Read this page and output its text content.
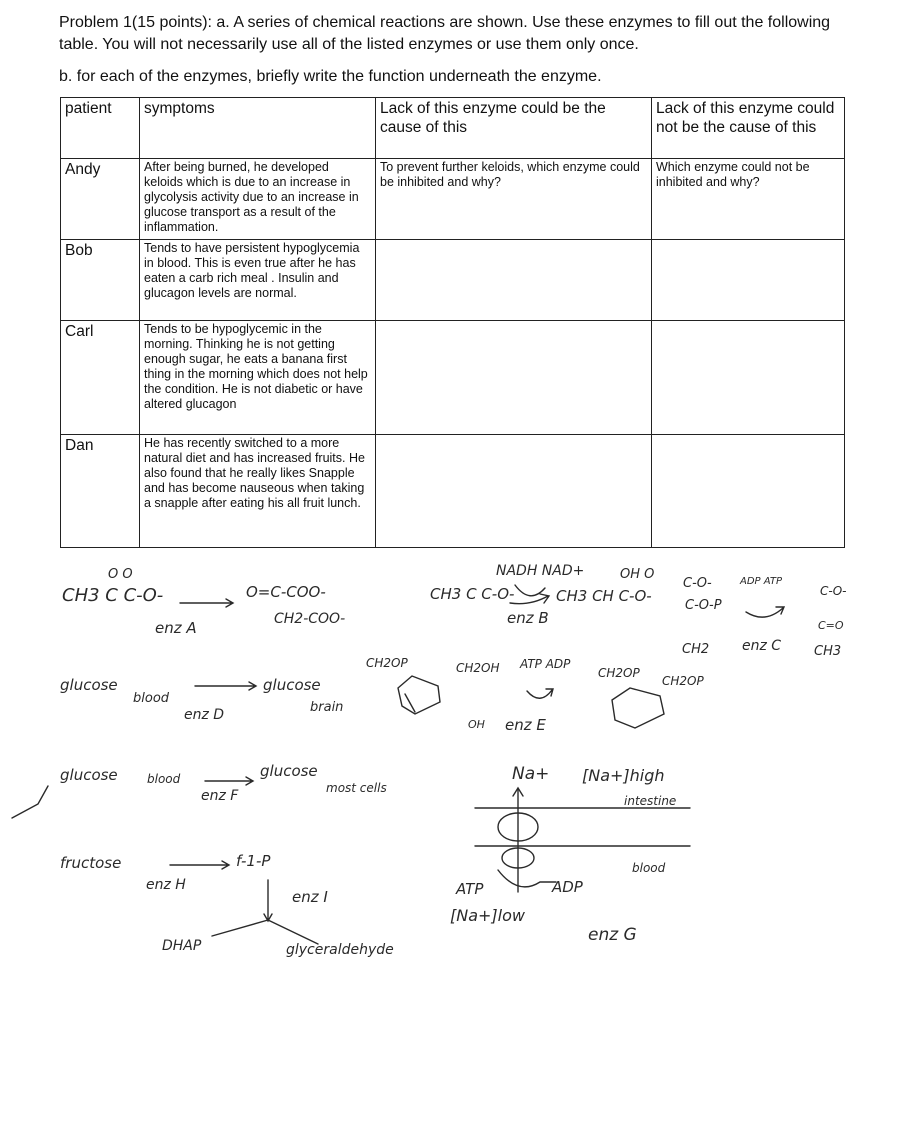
Problem 1(15 points): a. A series of chemical reactions are shown. Use these enzymes to fill out the following table. You will not necessarily use all of the listed enzymes or use them only once.
b. for each of the enzymes, briefly write the function underneath the enzyme.
patient	symptoms	Lack of this enzyme could be the cause of this	Lack of this enzyme could not be the cause of this
Andy	After being burned, he developed keloids which is due to an increase in glycolysis activity due to an increase in glucose transport as a result of the inflammation.	To prevent further keloids, which enzyme could be inhibited and why?	Which enzyme could not be inhibited and why?
Bob	Tends to have persistent hypoglycemia in blood. This is even true after he has eaten a carb rich meal . Insulin and glucagon levels are normal.		
Carl	Tends to be hypoglycemic in the morning. Thinking he is not getting enough sugar, he eats a banana first thing in the morning which does not help the condition. He is not diabetic or have altered glucagon		
Dan	He has recently switched to a more natural diet and has increased fruits. He also found that he really likes Snapple and has become nauseous when taking a snapple after eating his all fruit lunch.		
O O
CH3 C C-O-	O=C-COO-
CH2-COO-
enz A
NADH NAD+
CH3 C C-O-
OH O
CH3 CH C-O-
enz B
C-O-
C-O-P
CH2
ADP ATP
C-O-
C=O
CH3
enz C
glucose
blood
glucose
brain
enz D
CH2OP	CH2OH ATP ADP
CH2OP
CH2OP
OH enz E
glucose blood	glucose
most cells
enz F
Na+ [Na+]high
intestine
blood
ATP	ADP
[Na+]low
enz G
fructose	f-1-P
enz H
enz I
DHAP	glyceraldehyde
